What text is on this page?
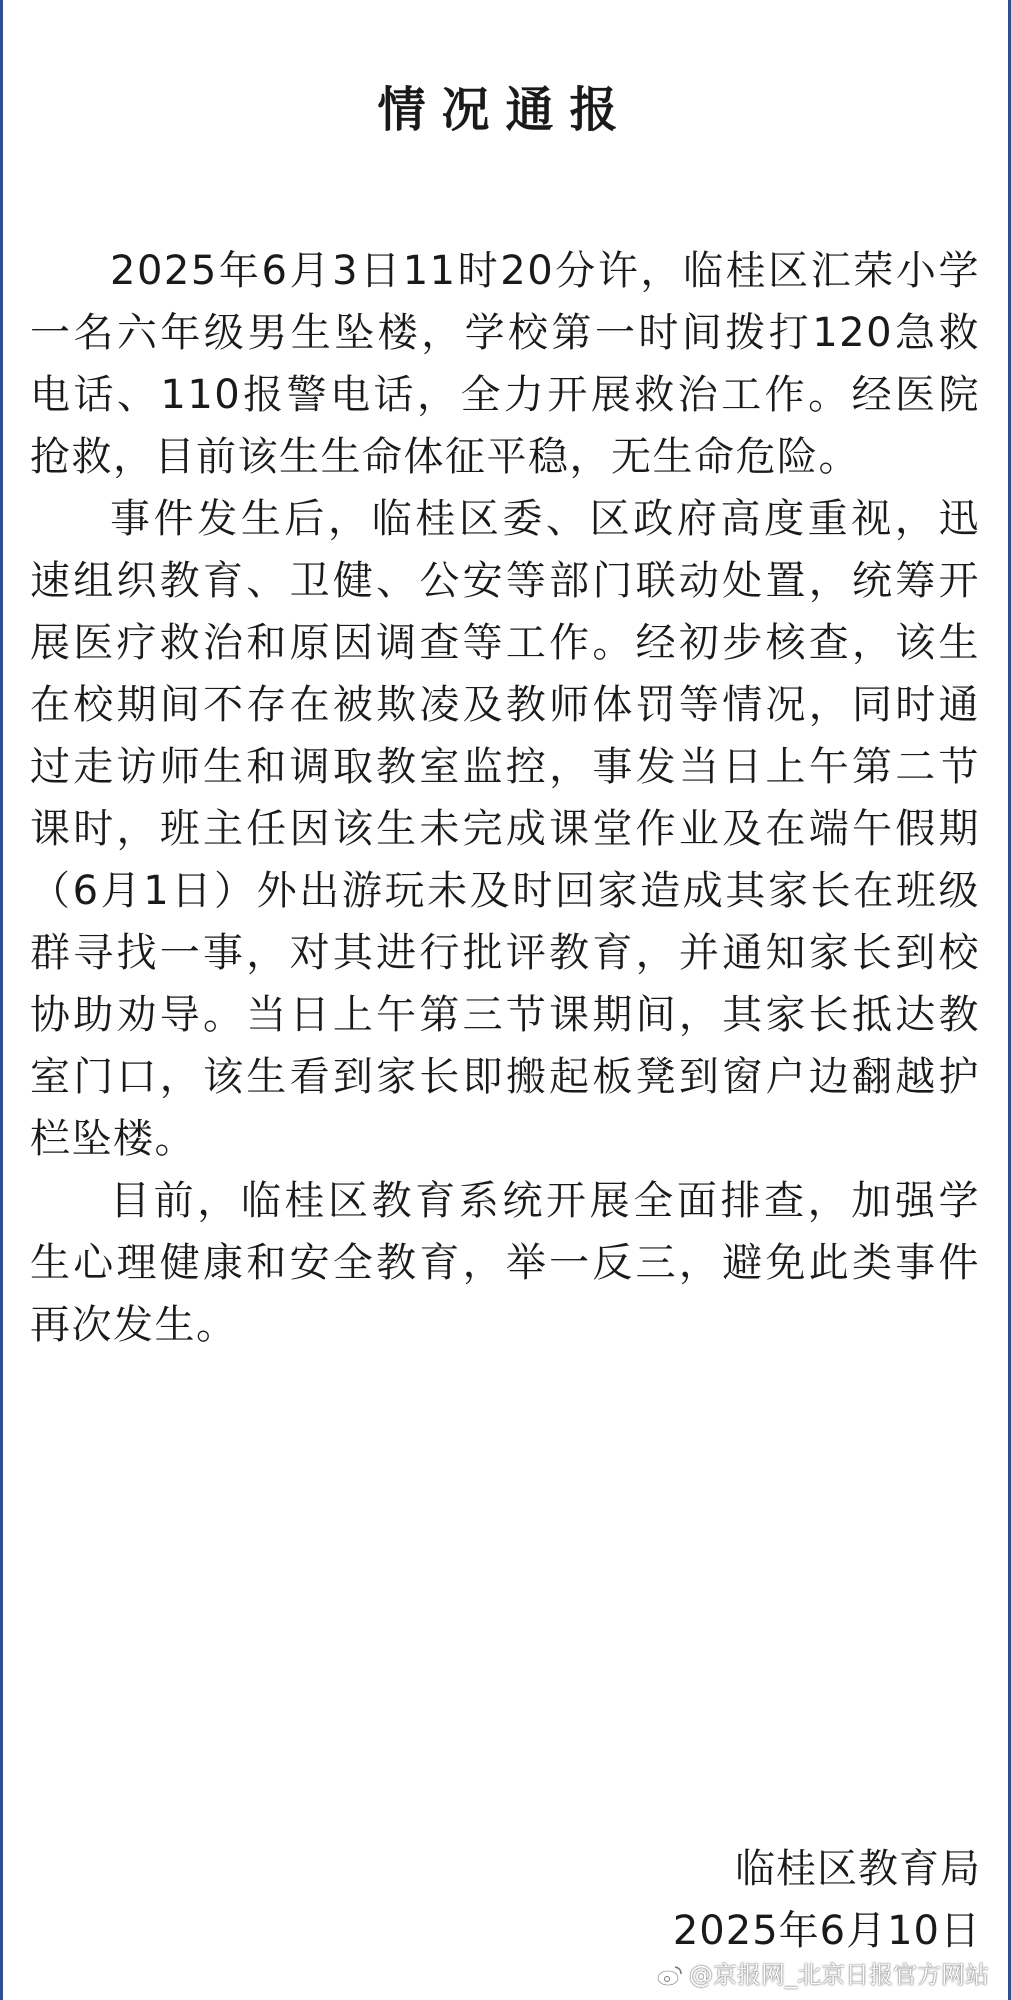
情况通报

2025年6月3日11时20分许，临桂区汇荣小学一名六年级男生坠楼，学校第一时间拨打120急救电话、110报警电话，全力开展救治工作。经医院抢救，目前该生生命体征平稳，无生命危险。

事件发生后，临桂区委、区政府高度重视，迅速组织教育、卫健、公安等部门联动处置，统筹开展医疗救治和原因调查等工作。经初步核查，该生在校期间不存在被欺凌及教师体罚等情况，同时通过走访师生和调取教室监控，事发当日上午第二节课时，班主任因该生未完成课堂作业及在端午假期（6月1日）外出游玩未及时回家造成其家长在班级群寻找一事，对其进行批评教育，并通知家长到校协助劝导。当日上午第三节课期间，其家长抵达教室门口，该生看到家长即搬起板凳到窗户边翻越护栏坠楼。

目前，临桂区教育系统开展全面排查，加强学生心理健康和安全教育，举一反三，避免此类事件再次发生。

临桂区教育局
2025年6月10日
@京报网_北京日报官方网站
